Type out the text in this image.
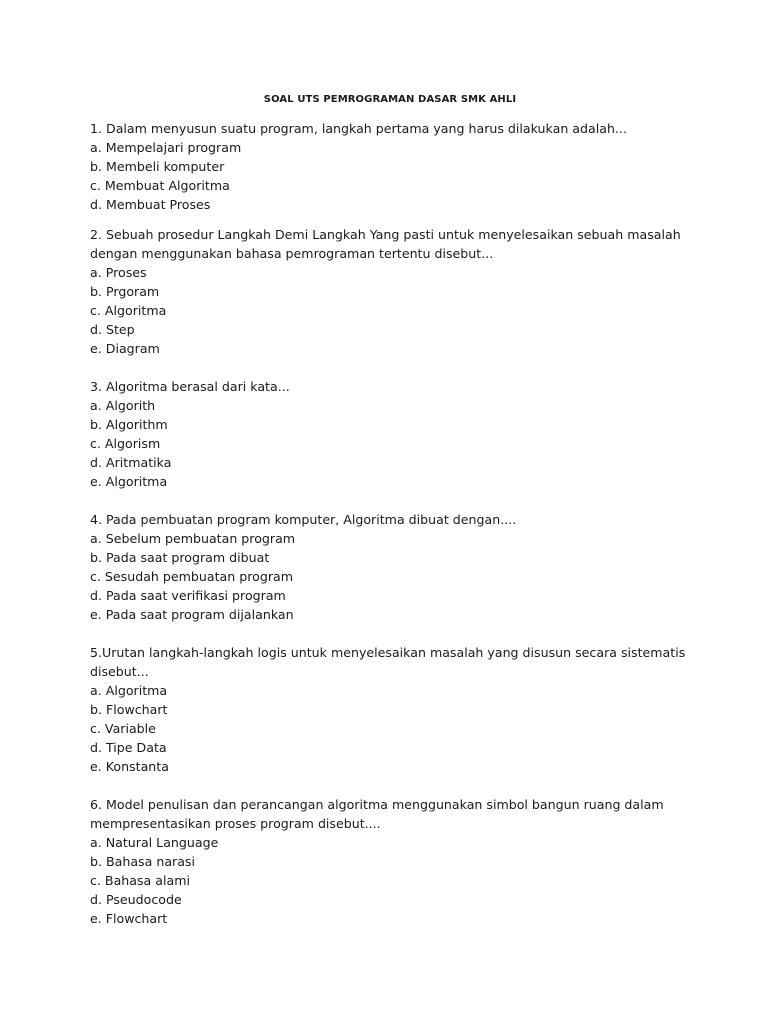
SOAL UTS PEMROGRAMAN DASAR SMK AHLI
1. Dalam menyusun suatu program, langkah pertama yang harus dilakukan adalah...
a. Mempelajari program
b. Membeli komputer
c. Membuat Algoritma
d. Membuat Proses
2. Sebuah prosedur Langkah Demi Langkah Yang pasti untuk menyelesaikan sebuah masalah
dengan menggunakan bahasa pemrograman tertentu disebut...
a. Proses
b. Prgoram
c. Algoritma
d. Step
e. Diagram
3. Algoritma berasal dari kata...
a. Algorith
b. Algorithm
c. Algorism
d. Aritmatika
e. Algoritma
4. Pada pembuatan program komputer, Algoritma dibuat dengan....
a. Sebelum pembuatan program
b. Pada saat program dibuat
c. Sesudah pembuatan program
d. Pada saat verifikasi program
e. Pada saat program dijalankan
5.Urutan langkah-langkah logis untuk menyelesaikan masalah yang disusun secara sistematis
disebut...
a. Algoritma
b. Flowchart
c. Variable
d. Tipe Data
e. Konstanta
6. Model penulisan dan perancangan algoritma menggunakan simbol bangun ruang dalam
mempresentasikan proses program disebut....
a. Natural Language
b. Bahasa narasi
c. Bahasa alami
d. Pseudocode
e. Flowchart
